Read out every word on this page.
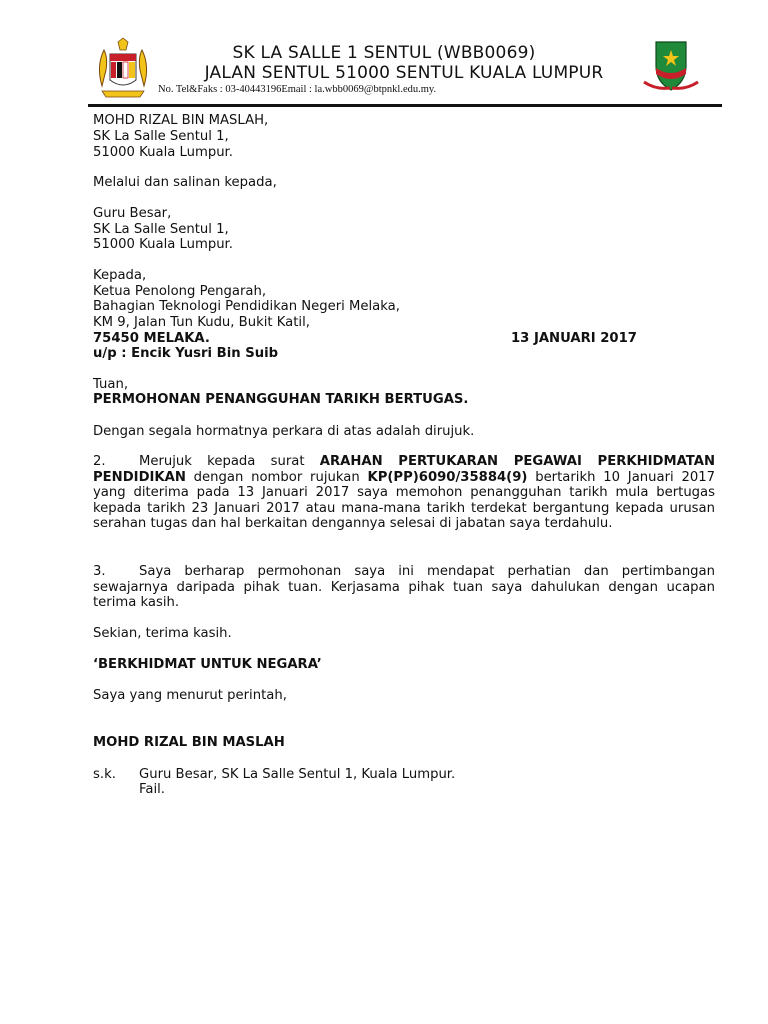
SK LA SALLE 1 SENTUL (WBB0069)
JALAN SENTUL 51000 SENTUL KUALA LUMPUR
No. Tel&Faks : 03-40443196Email : la.wbb0069@btpnkl.edu.my.
MOHD RIZAL BIN MASLAH,
SK La Salle Sentul 1,
51000 Kuala Lumpur.
Melalui dan salinan kepada,
Guru Besar,
SK La Salle Sentul 1,
51000 Kuala Lumpur.
Kepada,
Ketua Penolong Pengarah,
Bahagian Teknologi Pendidikan Negeri Melaka,
KM 9, Jalan Tun Kudu, Bukit Katil,
75450 MELAKA.	13 JANUARI 2017
u/p : Encik Yusri Bin Suib
Tuan,
PERMOHONAN PENANGGUHAN TARIKH BERTUGAS.
Dengan segala hormatnya perkara di atas adalah dirujuk.
2.	Merujuk kepada surat ARAHAN PERTUKARAN PEGAWAI PERKHIDMATAN PENDIDIKAN dengan nombor rujukan KP(PP)6090/35884(9) bertarikh 10 Januari 2017 yang diterima pada 13 Januari 2017 saya memohon penangguhan tarikh mula bertugas kepada tarikh 23 Januari 2017 atau mana-mana tarikh terdekat bergantung kepada urusan serahan tugas dan hal berkaitan dengannya selesai di jabatan saya terdahulu.
3.	Saya berharap permohonan saya ini mendapat perhatian dan pertimbangan sewajarnya daripada pihak tuan. Kerjasama pihak tuan saya dahulukan dengan ucapan terima kasih.
Sekian, terima kasih.
‘BERKHIDMAT UNTUK NEGARA’
Saya yang menurut perintah,
MOHD RIZAL BIN MASLAH
s.k. Guru Besar, SK La Salle Sentul 1, Kuala Lumpur.
Fail.
